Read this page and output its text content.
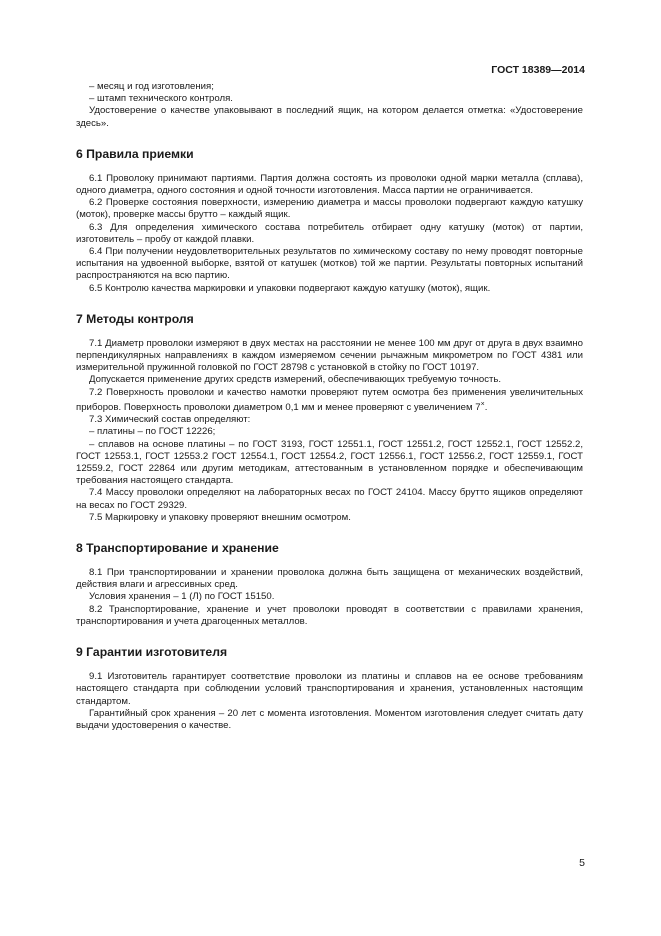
ГОСТ 18389—2014

– месяц и год изготовления;

– штамп технического контроля.

Удостоверение о качестве упаковывают в последний ящик, на котором делается отметка: «Удостоверение здесь».

6 Правила приемки

6.1 Проволоку принимают партиями. Партия должна состоять из проволоки одной марки металла (сплава), одного диаметра, одного состояния и одной точности изготовления. Масса партии не ограничивается.

6.2 Проверке состояния поверхности, измерению диаметра и массы проволоки подвергают каждую катушку (моток), проверке массы брутто – каждый ящик.

6.3 Для определения химического состава потребитель отбирает одну катушку (моток) от партии, изготовитель – пробу от каждой плавки.

6.4 При получении неудовлетворительных результатов по химическому составу по нему проводят повторные испытания на удвоенной выборке, взятой от катушек (мотков) той же партии. Результаты повторных испытаний распространяются на всю партию.

6.5 Контролю качества маркировки и упаковки подвергают каждую катушку (моток), ящик.

7 Методы контроля

7.1 Диаметр проволоки измеряют в двух местах на расстоянии не менее 100 мм друг от друга в двух взаимно перпендикулярных направлениях в каждом измеряемом сечении рычажным микрометром по ГОСТ 4381 или измерительной пружинной головкой по ГОСТ 28798 с установкой в стойку по ГОСТ 10197.

Допускается применение других средств измерений, обеспечивающих требуемую точность.

7.2 Поверхность проволоки и качество намотки проверяют путем осмотра без применения увеличительных приборов. Поверхность проволоки диаметром 0,1 мм и менее проверяют с увеличением 7×.

7.3 Химический состав определяют:

– платины – по ГОСТ 12226;

– сплавов на основе платины – по ГОСТ 3193, ГОСТ 12551.1, ГОСТ 12551.2, ГОСТ 12552.1, ГОСТ 12552.2, ГОСТ 12553.1, ГОСТ 12553.2 ГОСТ 12554.1, ГОСТ 12554.2, ГОСТ 12556.1, ГОСТ 12556.2, ГОСТ 12559.1, ГОСТ 12559.2, ГОСТ 22864 или другим методикам, аттестованным в установленном порядке и обеспечивающим требования настоящего стандарта.

7.4 Массу проволоки определяют на лабораторных весах по ГОСТ 24104. Массу брутто ящиков определяют на весах по ГОСТ 29329.

7.5 Маркировку и упаковку проверяют внешним осмотром.

8 Транспортирование и хранение

8.1 При транспортировании и хранении проволока должна быть защищена от механических воздействий, действия влаги и агрессивных сред.

Условия хранения – 1 (Л) по ГОСТ 15150.

8.2 Транспортирование, хранение и учет проволоки проводят в соответствии с правилами хранения, транспортирования и учета драгоценных металлов.

9 Гарантии изготовителя

9.1 Изготовитель гарантирует соответствие проволоки из платины и сплавов на ее основе требованиям настоящего стандарта при соблюдении условий транспортирования и хранения, установленных настоящим стандартом.

Гарантийный срок хранения – 20 лет с момента изготовления. Моментом изготовления следует считать дату выдачи удостоверения о качестве.

5
